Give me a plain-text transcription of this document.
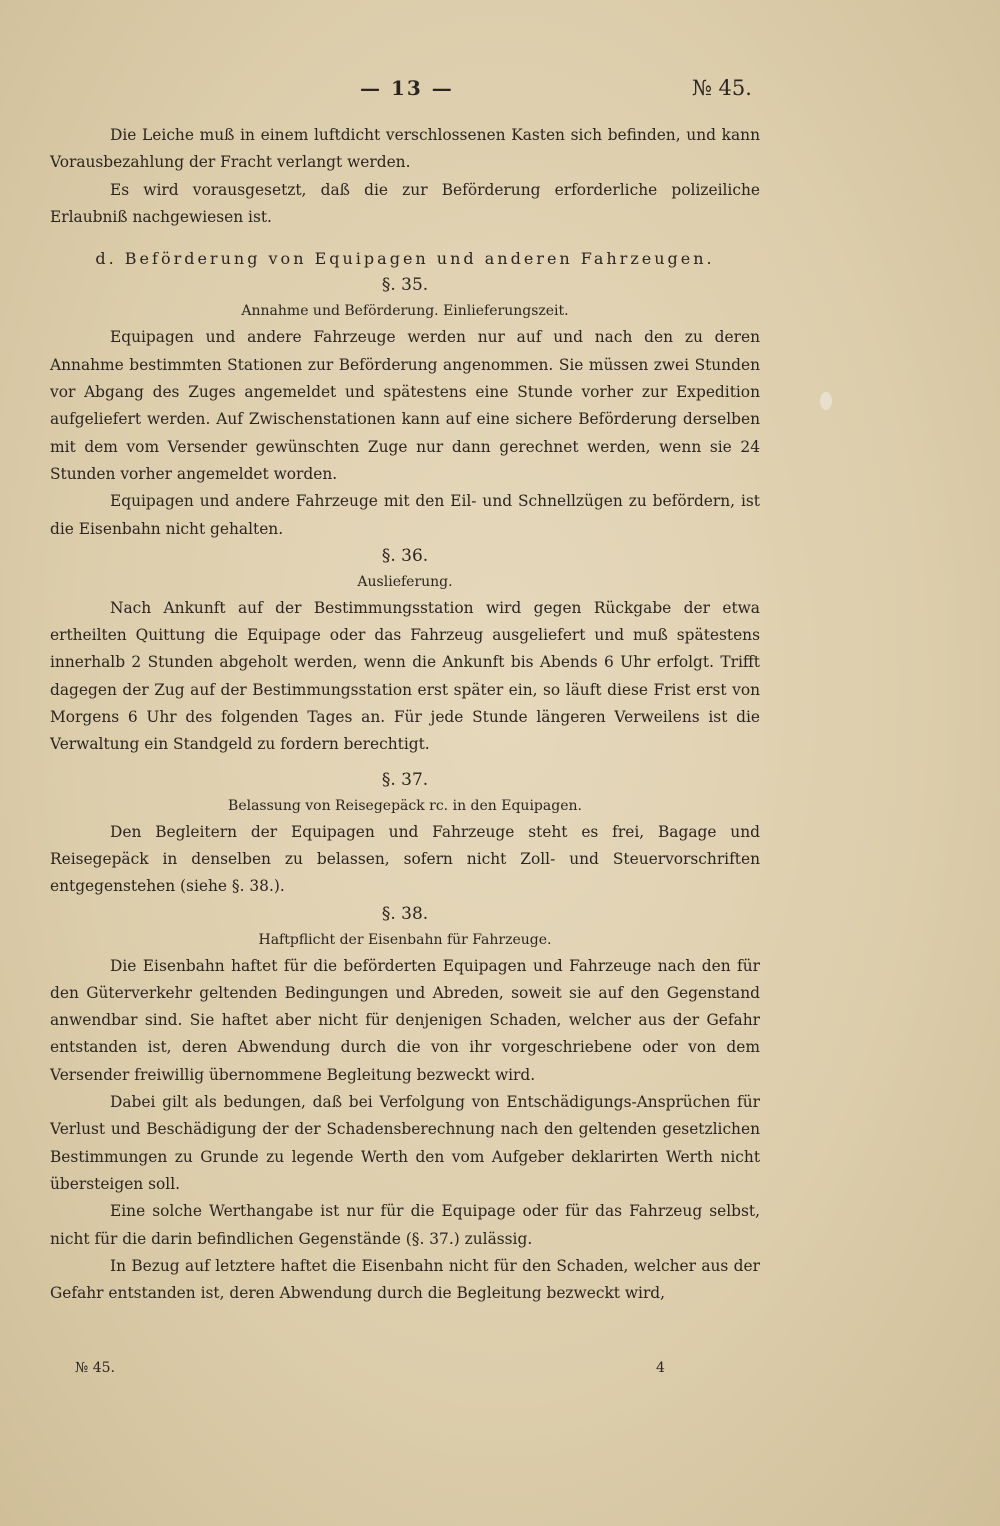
— 13 —	№ 45.

Die Leiche muß in einem luftdicht verschlossenen Kasten sich befinden, und kann Vorausbezahlung der Fracht verlangt werden.

Es wird vorausgesetzt, daß die zur Beförderung erforderliche polizeiliche Erlaubniß nachgewiesen ist.

d. Beförderung von Equipagen und anderen Fahrzeugen.

§. 35.

Annahme und Beförderung. Einlieferungszeit.

Equipagen und andere Fahrzeuge werden nur auf und nach den zu deren Annahme bestimmten Stationen zur Beförderung angenommen. Sie müssen zwei Stunden vor Abgang des Zuges angemeldet und spätestens eine Stunde vorher zur Expedition aufgeliefert werden. Auf Zwischenstationen kann auf eine sichere Beförderung derselben mit dem vom Versender gewünschten Zuge nur dann gerechnet werden, wenn sie 24 Stunden vorher angemeldet worden.

Equipagen und andere Fahrzeuge mit den Eil- und Schnellzügen zu befördern, ist die Eisenbahn nicht gehalten.

§. 36.

Auslieferung.

Nach Ankunft auf der Bestimmungsstation wird gegen Rückgabe der etwa ertheilten Quittung die Equipage oder das Fahrzeug ausgeliefert und muß spätestens innerhalb 2 Stunden abgeholt werden, wenn die Ankunft bis Abends 6 Uhr erfolgt. Trifft dagegen der Zug auf der Bestimmungsstation erst später ein, so läuft diese Frist erst von Morgens 6 Uhr des folgenden Tages an. Für jede Stunde längeren Verweilens ist die Verwaltung ein Standgeld zu fordern berechtigt.

§. 37.

Belassung von Reisegepäck rc. in den Equipagen.

Den Begleitern der Equipagen und Fahrzeuge steht es frei, Bagage und Reisegepäck in denselben zu belassen, sofern nicht Zoll- und Steuervorschriften entgegenstehen (siehe §. 38.).

§. 38.

Haftpflicht der Eisenbahn für Fahrzeuge.

Die Eisenbahn haftet für die beförderten Equipagen und Fahrzeuge nach den für den Güterverkehr geltenden Bedingungen und Abreden, soweit sie auf den Gegenstand anwendbar sind. Sie haftet aber nicht für denjenigen Schaden, welcher aus der Gefahr entstanden ist, deren Abwendung durch die von ihr vorgeschriebene oder von dem Versender freiwillig übernommene Begleitung bezweckt wird.

Dabei gilt als bedungen, daß bei Verfolgung von Entschädigungs-Ansprüchen für Verlust und Beschädigung der der Schadensberechnung nach den geltenden gesetzlichen Bestimmungen zu Grunde zu legende Werth den vom Aufgeber deklarirten Werth nicht übersteigen soll.

Eine solche Werthangabe ist nur für die Equipage oder für das Fahrzeug selbst, nicht für die darin befindlichen Gegenstände (§. 37.) zulässig.

In Bezug auf letztere haftet die Eisenbahn nicht für den Schaden, welcher aus der Gefahr entstanden ist, deren Abwendung durch die Begleitung bezweckt wird,

№ 45.	4
